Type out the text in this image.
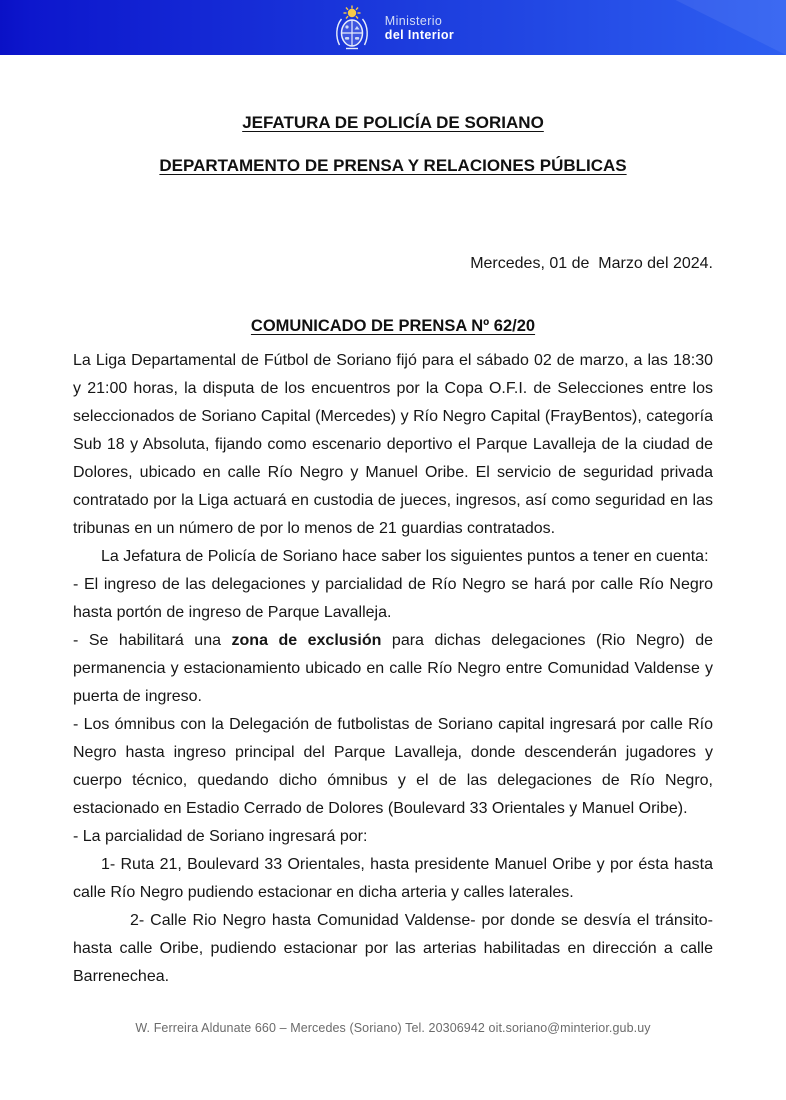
Ministerio
del Interior
JEFATURA DE POLICÍA DE SORIANO
DEPARTAMENTO DE PRENSA Y RELACIONES PÚBLICAS

Mercedes, 01 de  Marzo del 2024.

COMUNICADO DE PRENSA Nº 62/20

La Liga Departamental de Fútbol de Soriano fijó para el sábado 02 de marzo, a las 18:30 y 21:00 horas, la disputa de los encuentros por la Copa O.F.I. de Selecciones entre los seleccionados de Soriano Capital (Mercedes) y Río Negro Capital (FrayBentos), categoría Sub 18 y Absoluta, fijando como escenario deportivo el Parque Lavalleja de la ciudad de Dolores, ubicado en calle Río Negro y Manuel Oribe. El servicio de seguridad privada contratado por la Liga actuará en custodia de jueces, ingresos, así como seguridad en las tribunas en un número de por lo menos de 21 guardias contratados.

La Jefatura de Policía de Soriano hace saber los siguientes puntos a tener en cuenta:

- El ingreso de las delegaciones y parcialidad de Río Negro se hará por calle Río Negro hasta portón de ingreso de Parque Lavalleja.

- Se habilitará una zona de exclusión para dichas delegaciones (Rio Negro) de permanencia y estacionamiento ubicado en calle Río Negro entre Comunidad Valdense y puerta de ingreso.

- Los ómnibus con la Delegación de futbolistas de Soriano capital ingresará por calle Río Negro hasta ingreso principal del Parque Lavalleja, donde descenderán jugadores y cuerpo técnico, quedando dicho ómnibus y el de las delegaciones de Río Negro, estacionado en Estadio Cerrado de Dolores (Boulevard 33 Orientales y Manuel Oribe).

- La parcialidad de Soriano ingresará por:

1- Ruta 21, Boulevard 33 Orientales, hasta presidente Manuel Oribe y por ésta hasta calle Río Negro pudiendo estacionar en dicha arteria y calles laterales.

2- Calle Rio Negro hasta Comunidad Valdense- por donde se desvía el tránsito- hasta calle Oribe, pudiendo estacionar por las arterias habilitadas en dirección a calle Barrenechea.

W. Ferreira Aldunate 660 – Mercedes (Soriano) Tel. 20306942 oit.soriano@minterior.gub.uy
